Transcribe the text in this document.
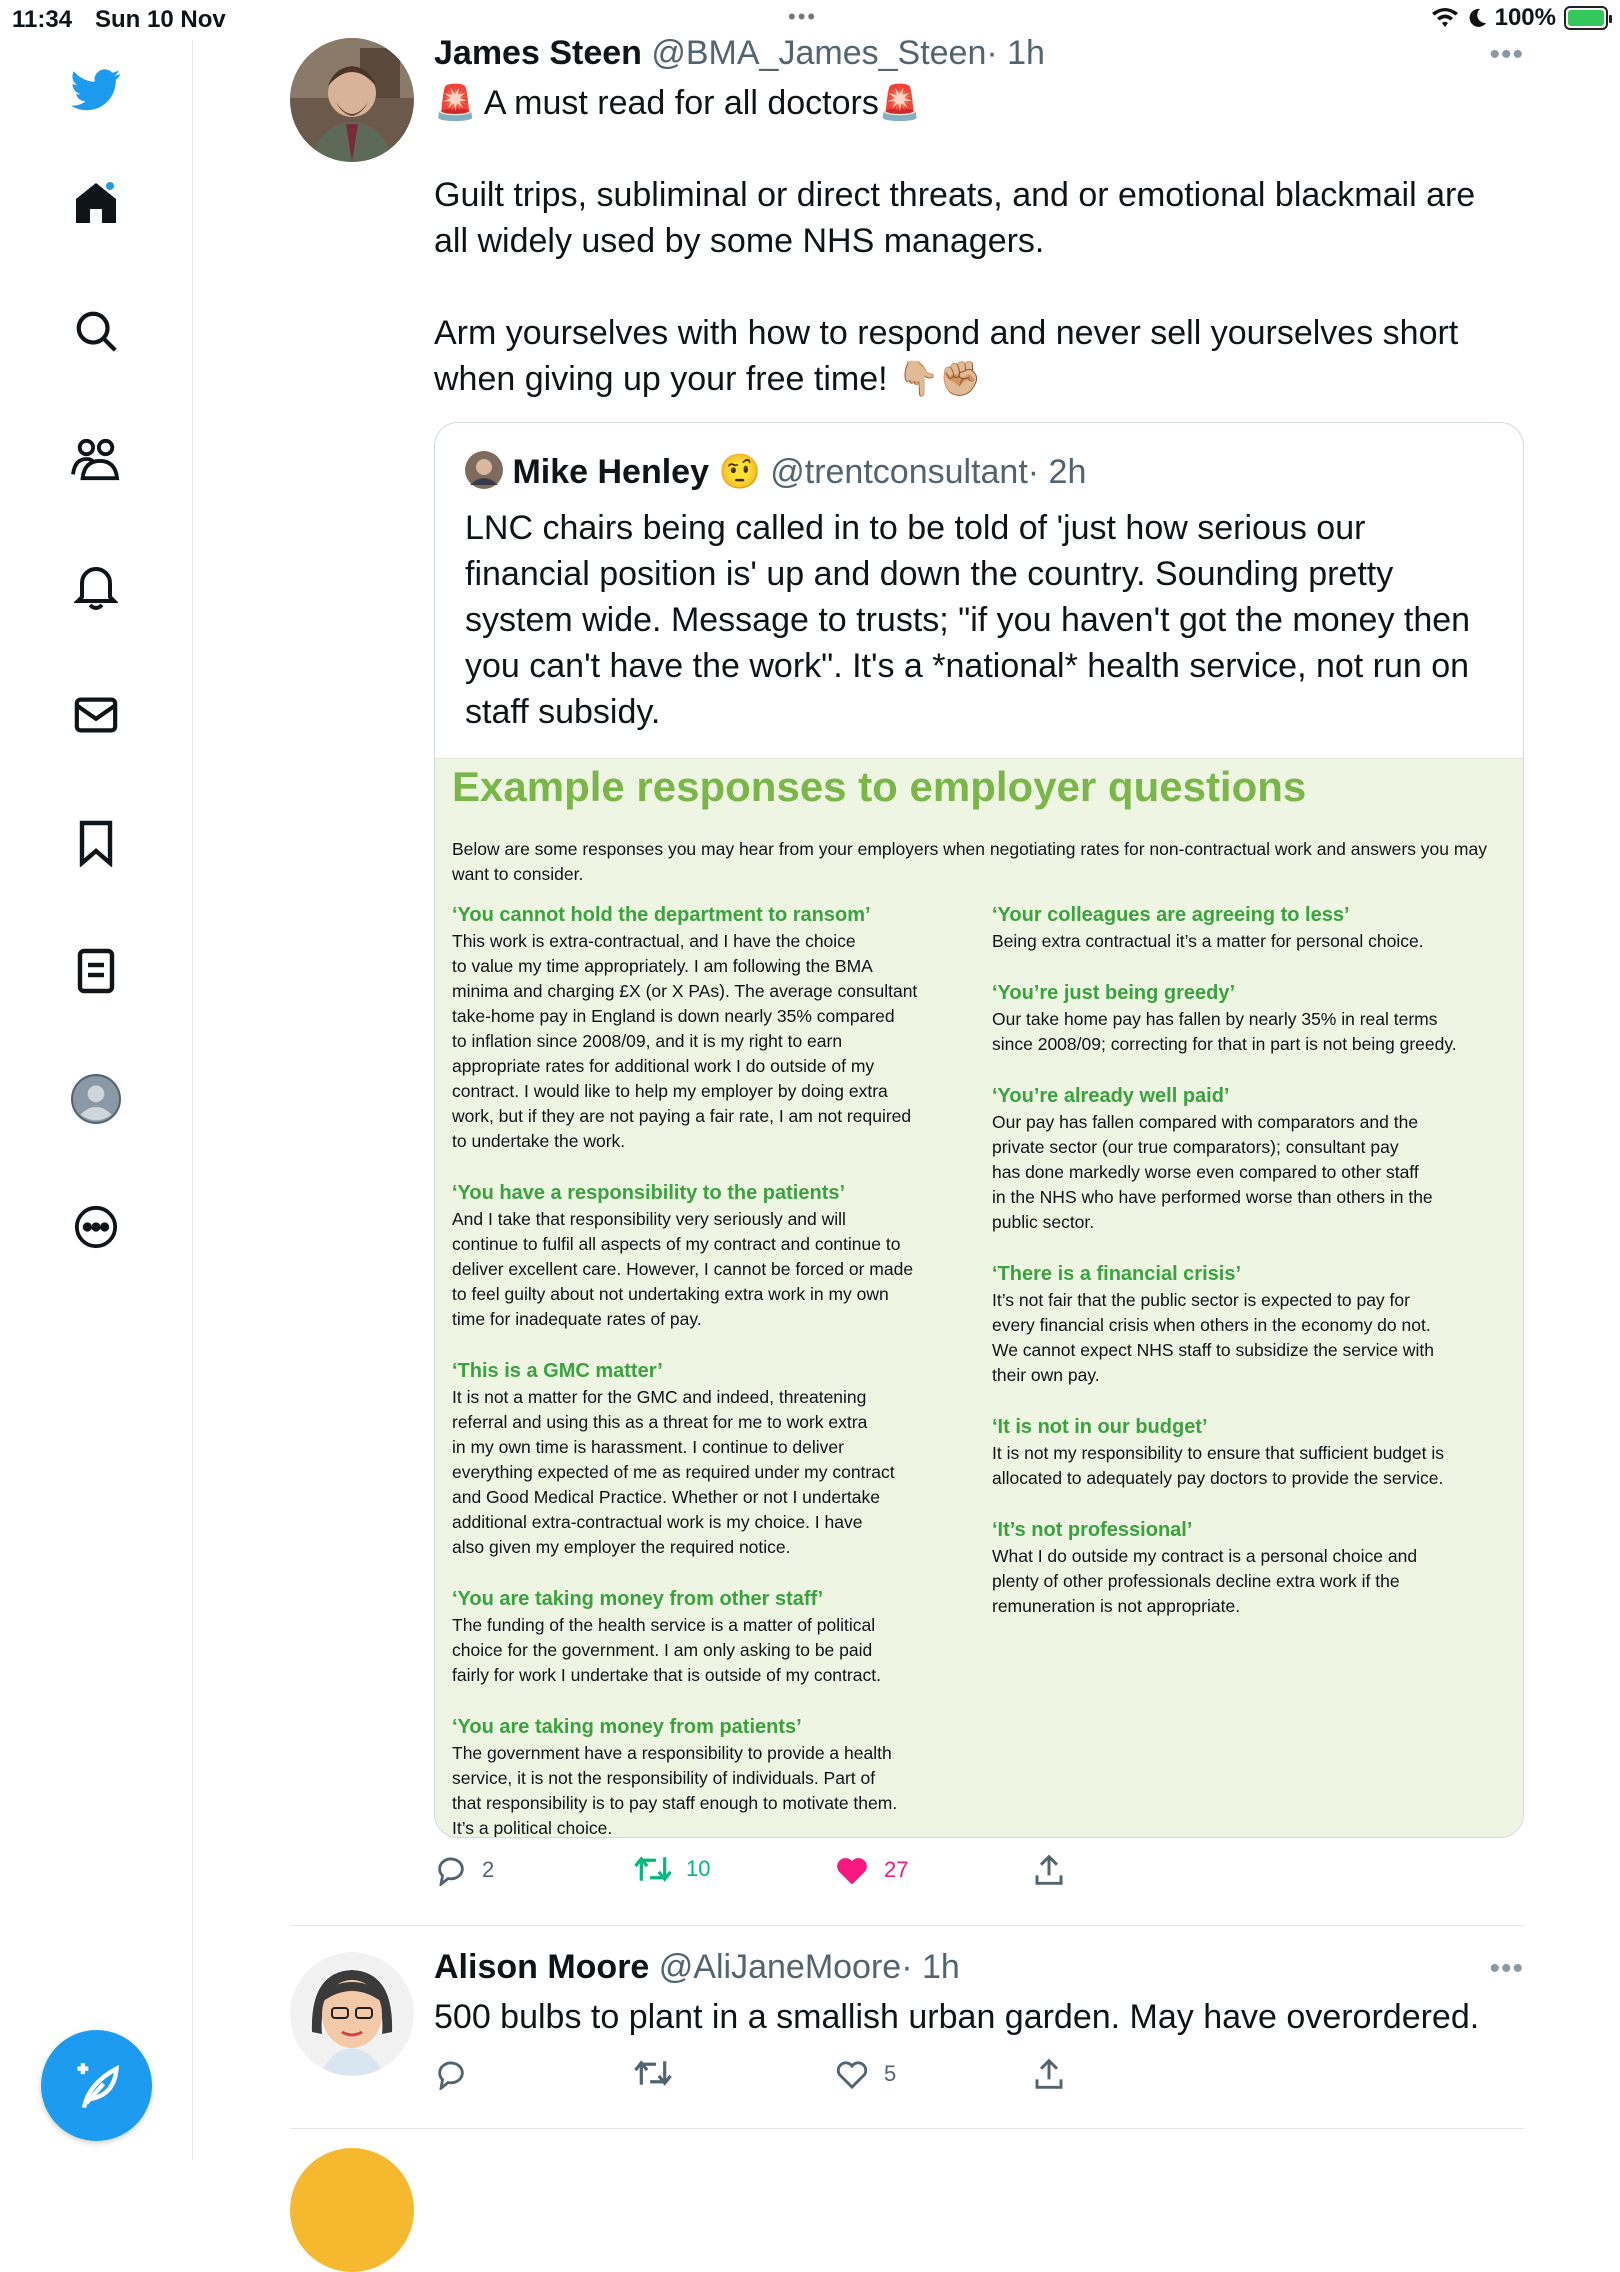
11:34 Sun 10 Nov	•••	100%
James Steen @BMA_James_Steen· 1h	•••

🚨 A must read for all doctors🚨

Guilt trips, subliminal or direct threats, and or emotional blackmail are all widely used by some NHS managers.

Arm yourselves with how to respond and never sell yourselves short when giving up your free time! 👇🏼✊🏼

Mike Henley 🤨 @trentconsultant· 2h
LNC chairs being called in to be told of 'just how serious our financial position is' up and down the country. Sounding pretty system wide. Message to trusts; "if you haven't got the money then you can't have the work". It's a *national* health service, not run on staff subsidy.
Example responses to employer questions
Below are some responses you may hear from your employers when negotiating rates for non-contractual work and answers you may want to consider.
‘You cannot hold the department to ransom’
This work is extra-contractual, and I have the choice
to value my time appropriately. I am following the BMA
minima and charging £X (or X PAs). The average consultant
take-home pay in England is down nearly 35% compared
to inflation since 2008/09, and it is my right to earn
appropriate rates for additional work I do outside of my
contract. I would like to help my employer by doing extra
work, but if they are not paying a fair rate, I am not required
to undertake the work.
‘You have a responsibility to the patients’
And I take that responsibility very seriously and will
continue to fulfil all aspects of my contract and continue to
deliver excellent care. However, I cannot be forced or made
to feel guilty about not undertaking extra work in my own
time for inadequate rates of pay.
‘This is a GMC matter’
It is not a matter for the GMC and indeed, threatening
referral and using this as a threat for me to work extra
in my own time is harassment. I continue to deliver
everything expected of me as required under my contract
and Good Medical Practice. Whether or not I undertake
additional extra-contractual work is my choice. I have
also given my employer the required notice.
‘You are taking money from other staff’
The funding of the health service is a matter of political
choice for the government. I am only asking to be paid
fairly for work I undertake that is outside of my contract.
‘You are taking money from patients’
The government have a responsibility to provide a health
service, it is not the responsibility of individuals. Part of
that responsibility is to pay staff enough to motivate them.
It’s a political choice.
‘Your colleagues are agreeing to less’
Being extra contractual it’s a matter for personal choice.
‘You’re just being greedy’
Our take home pay has fallen by nearly 35% in real terms
since 2008/09; correcting for that in part is not being greedy.
‘You’re already well paid’
Our pay has fallen compared with comparators and the
private sector (our true comparators); consultant pay
has done markedly worse even compared to other staff
in the NHS who have performed worse than others in the
public sector.
‘There is a financial crisis’
It’s not fair that the public sector is expected to pay for
every financial crisis when others in the economy do not.
We cannot expect NHS staff to subsidize the service with
their own pay.
‘It is not in our budget’
It is not my responsibility to ensure that sufficient budget is
allocated to adequately pay doctors to provide the service.
‘It’s not professional’
What I do outside my contract is a personal choice and
plenty of other professionals decline extra work if the
remuneration is not appropriate.
2	10	27
Alison Moore @AliJaneMoore· 1h	•••

500 bulbs to plant in a smallish urban garden. May have overordered.

5
